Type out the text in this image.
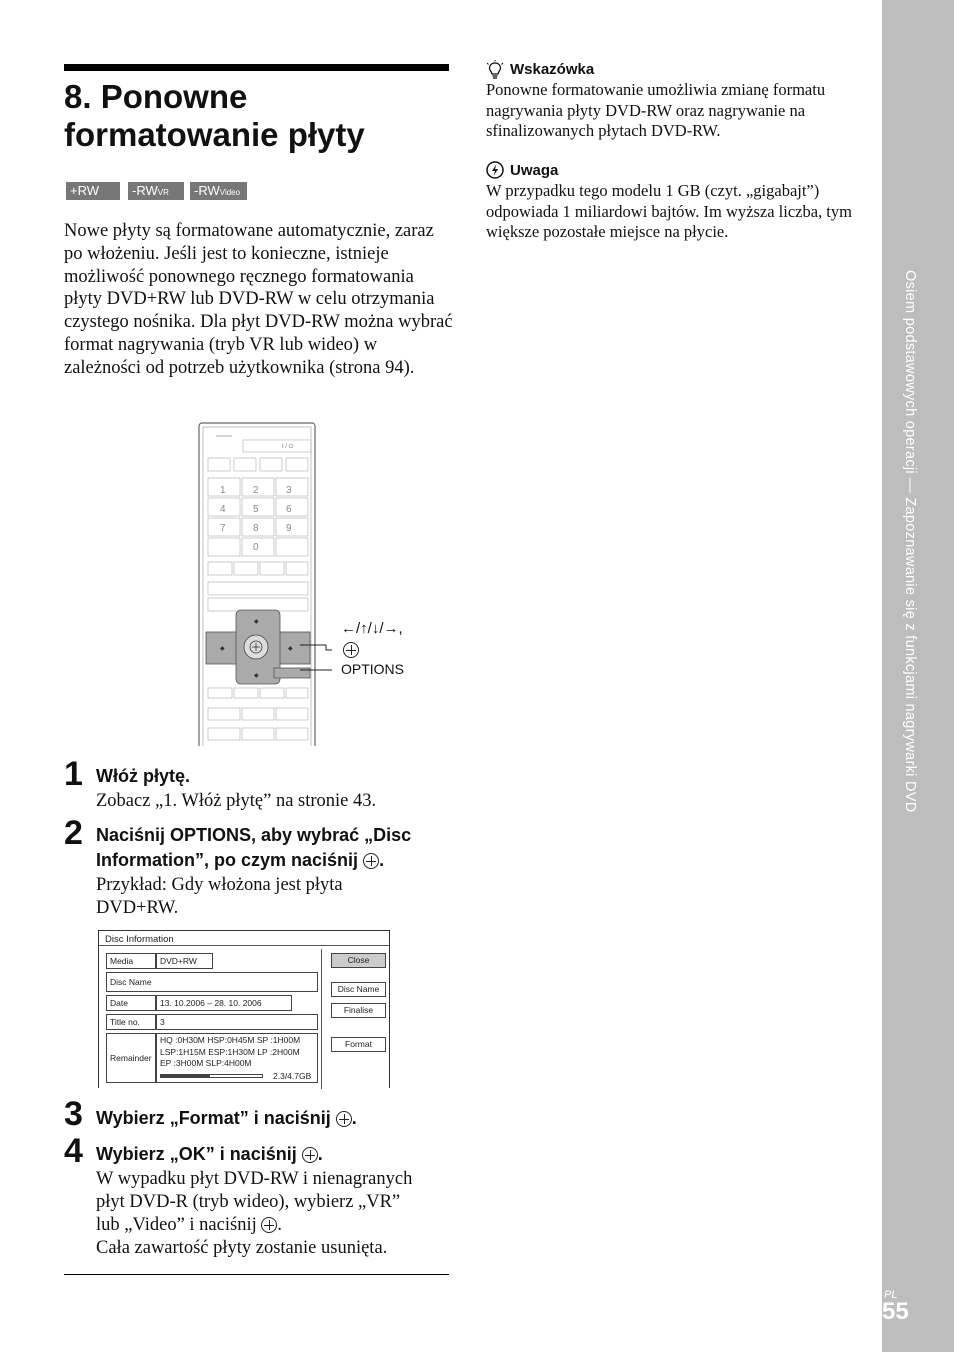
Osiem podstawowych operacji — Zapoznawanie się z funkcjami nagrywarki DVD
PL
55
8. Ponowne
formatowanie płyty
+RW	-RWVR	-RWVideo

Nowe płyty są formatowane automatycznie, zaraz po włożeniu. Jeśli jest to konieczne, istnieje możliwość ponownego ręcznego formatowania płyty DVD+RW lub DVD-RW w celu otrzymania czystego nośnika. Dla płyt DVD-RW można wybrać format nagrywania (tryb VR lub wideo) w zależności od potrzeb użytkownika (strona 94).

I / ⏻
1	2	3
4	5	6
7	8	9
0
◆
◆
◆	◆
←/↑/↓/→,
OPTIONS
1 Włóż płytę.
Zobacz „1. Włóż płytę” na stronie 43.
2 Naciśnij OPTIONS, aby wybrać „Disc
Information”, po czym naciśnij .
Przykład: Gdy włożona jest płyta
DVD+RW.
Disc Information
Media	DVD+RW
Disc Name
Date	13. 10.2006 – 28. 10. 2006
Title no.	3
Remainder
HQ :0H30M HSP:0H45M SP :1H00M
LSP:1H15M ESP:1H30M LP :2H00M
EP :3H00M SLP:4H00M
2.3/4.7GB
Close
Disc Name
Finalise
Format
3 Wybierz „Format” i naciśnij .
4 Wybierz „OK” i naciśnij .
W wypadku płyt DVD-RW i nienagranych
płyt DVD-R (tryb wideo), wybierz „VR”
lub „Video” i naciśnij .
Cała zawartość płyty zostanie usunięta.
Wskazówka

Ponowne formatowanie umożliwia zmianę formatu nagrywania płyty DVD-RW oraz nagrywanie na sfinalizowanych płytach DVD-RW.

Uwaga

W przypadku tego modelu 1 GB (czyt. „gigabajt”) odpowiada 1 miliardowi bajtów. Im wyższa liczba, tym większe pozostałe miejsce na płycie.
